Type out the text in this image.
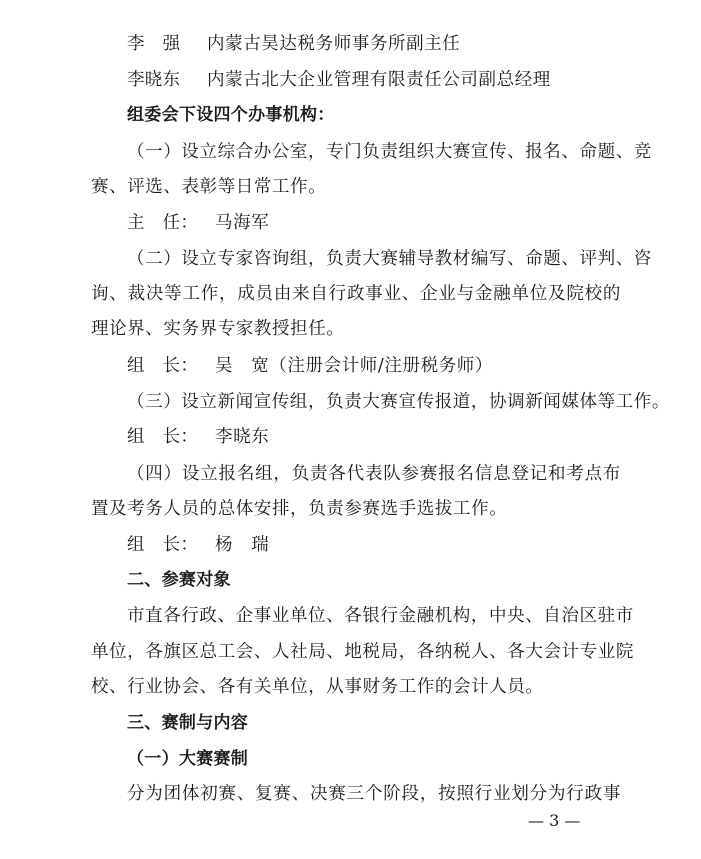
李　强 内蒙古昊达税务师事务所副主任
李晓东 内蒙古北大企业管理有限责任公司副总经理
组委会下设四个办事机构：
（一）设立综合办公室，专门负责组织大赛宣传、报名、命题、竞
赛、评选、表彰等日常工作。
主　任： 马海军
（二）设立专家咨询组，负责大赛辅导教材编写、命题、评判、咨
询、裁决等工作，成员由来自行政事业、企业与金融单位及院校的
理论界、实务界专家教授担任。
组　长： 吴　宽（注册会计师/注册税务师）
（三）设立新闻宣传组，负责大赛宣传报道，协调新闻媒体等工作。
组　长： 李晓东
（四）设立报名组，负责各代表队参赛报名信息登记和考点布
置及考务人员的总体安排，负责参赛选手选拔工作。
组　长： 杨　瑞
二、参赛对象
市直各行政、企事业单位、各银行金融机构，中央、自治区驻市
单位，各旗区总工会、人社局、地税局，各纳税人、各大会计专业院
校、行业协会、各有关单位，从事财务工作的会计人员。
三、赛制与内容
（一）大赛赛制
分为团体初赛、复赛、决赛三个阶段，按照行业划分为行政事
— 3 —
